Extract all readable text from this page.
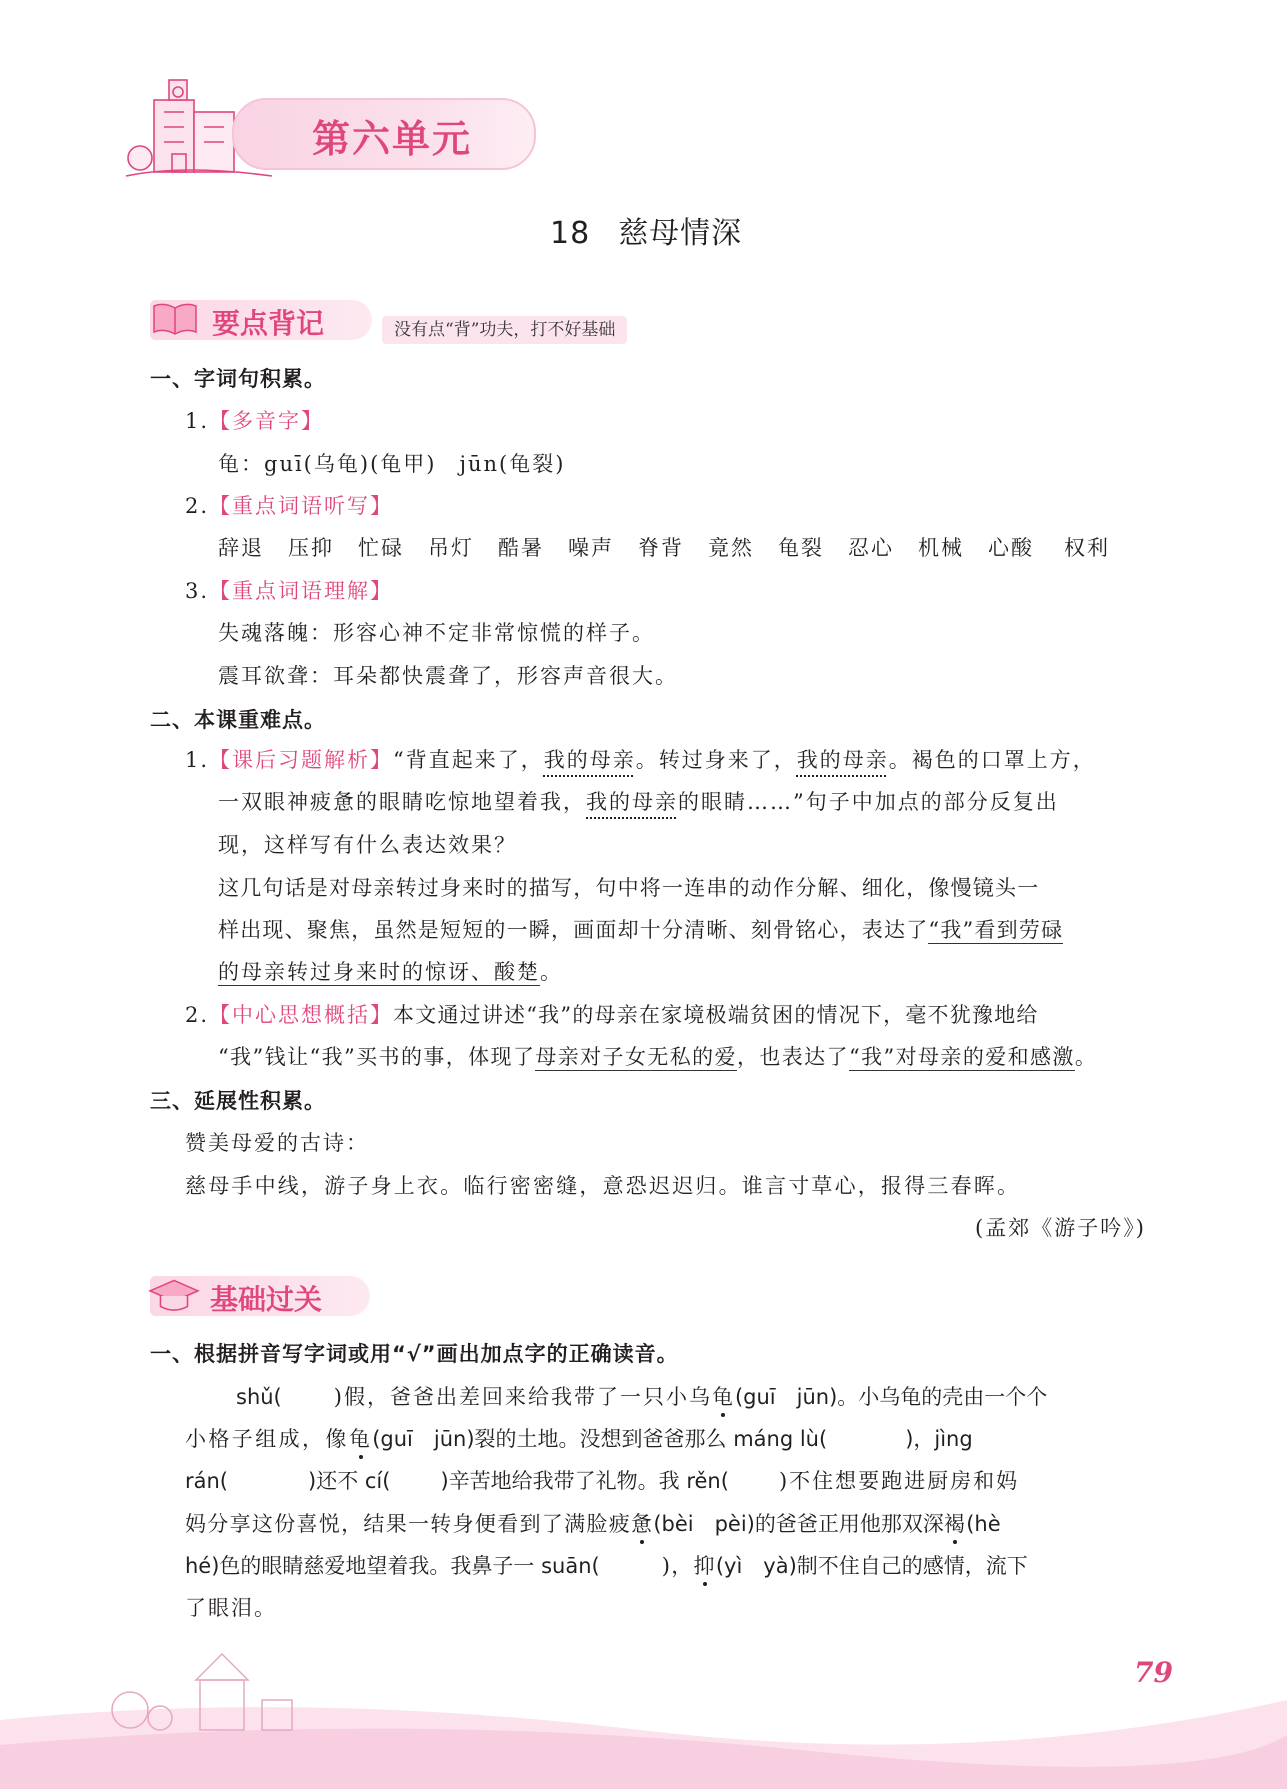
第六单元
18 慈母情深
要点背记	没有点“背”功夫，打不好基础
一、字词句积累。
1.【多音字】
龟：guī(乌龟)(龟甲)　jūn(龟裂)
2.【重点词语听写】
辞退 压抑 忙碌 吊灯 酷暑 噪声 脊背 竟然 龟裂 忍心 机械 心酸 权利
3.【重点词语理解】
失魂落魄：形容心神不定非常惊慌的样子。
震耳欲聋：耳朵都快震聋了，形容声音很大。
二、本课重难点。
1.【课后习题解析】“背直起来了，我的母亲。转过身来了，我的母亲。褐色的口罩上方，
一双眼神疲惫的眼睛吃惊地望着我，我的母亲的眼睛……”句子中加点的部分反复出
现，这样写有什么表达效果？
这几句话是对母亲转过身来时的描写，句中将一连串的动作分解、细化，像慢镜头一
样出现、聚焦，虽然是短短的一瞬，画面却十分清晰、刻骨铭心，表达了“我”看到劳碌
的母亲转过身来时的惊讶、酸楚。
2.【中心思想概括】本文通过讲述“我”的母亲在家境极端贫困的情况下，毫不犹豫地给
“我”钱让“我”买书的事，体现了母亲对子女无私的爱，也表达了“我”对母亲的爱和感激。
三、延展性积累。
赞美母爱的古诗：
慈母手中线，游子身上衣。临行密密缝，意恐迟迟归。谁言寸草心，报得三春晖。
(孟郊《游子吟》)
基础过关
一、根据拼音写字词或用“√”画出加点字的正确读音。
shǔ( )假，爸爸出差回来给我带了一只小乌龟(guī　jūn)。小乌龟的壳由一个个
小格子组成，像龟(guī　jūn)裂的土地。没想到爸爸那么 máng lù(	)，jìng
rán(	)还不 cí( )辛苦地给我带了礼物。我 rěn( )不住想要跑进厨房和妈
妈分享这份喜悦，结果一转身便看到了满脸疲惫(bèi　pèi)的爸爸正用他那双深褐(hè
hé)色的眼睛慈爱地望着我。我鼻子一 suān(	)，抑(yì　yà)制不住自己的感情，流下
了眼泪。
79
